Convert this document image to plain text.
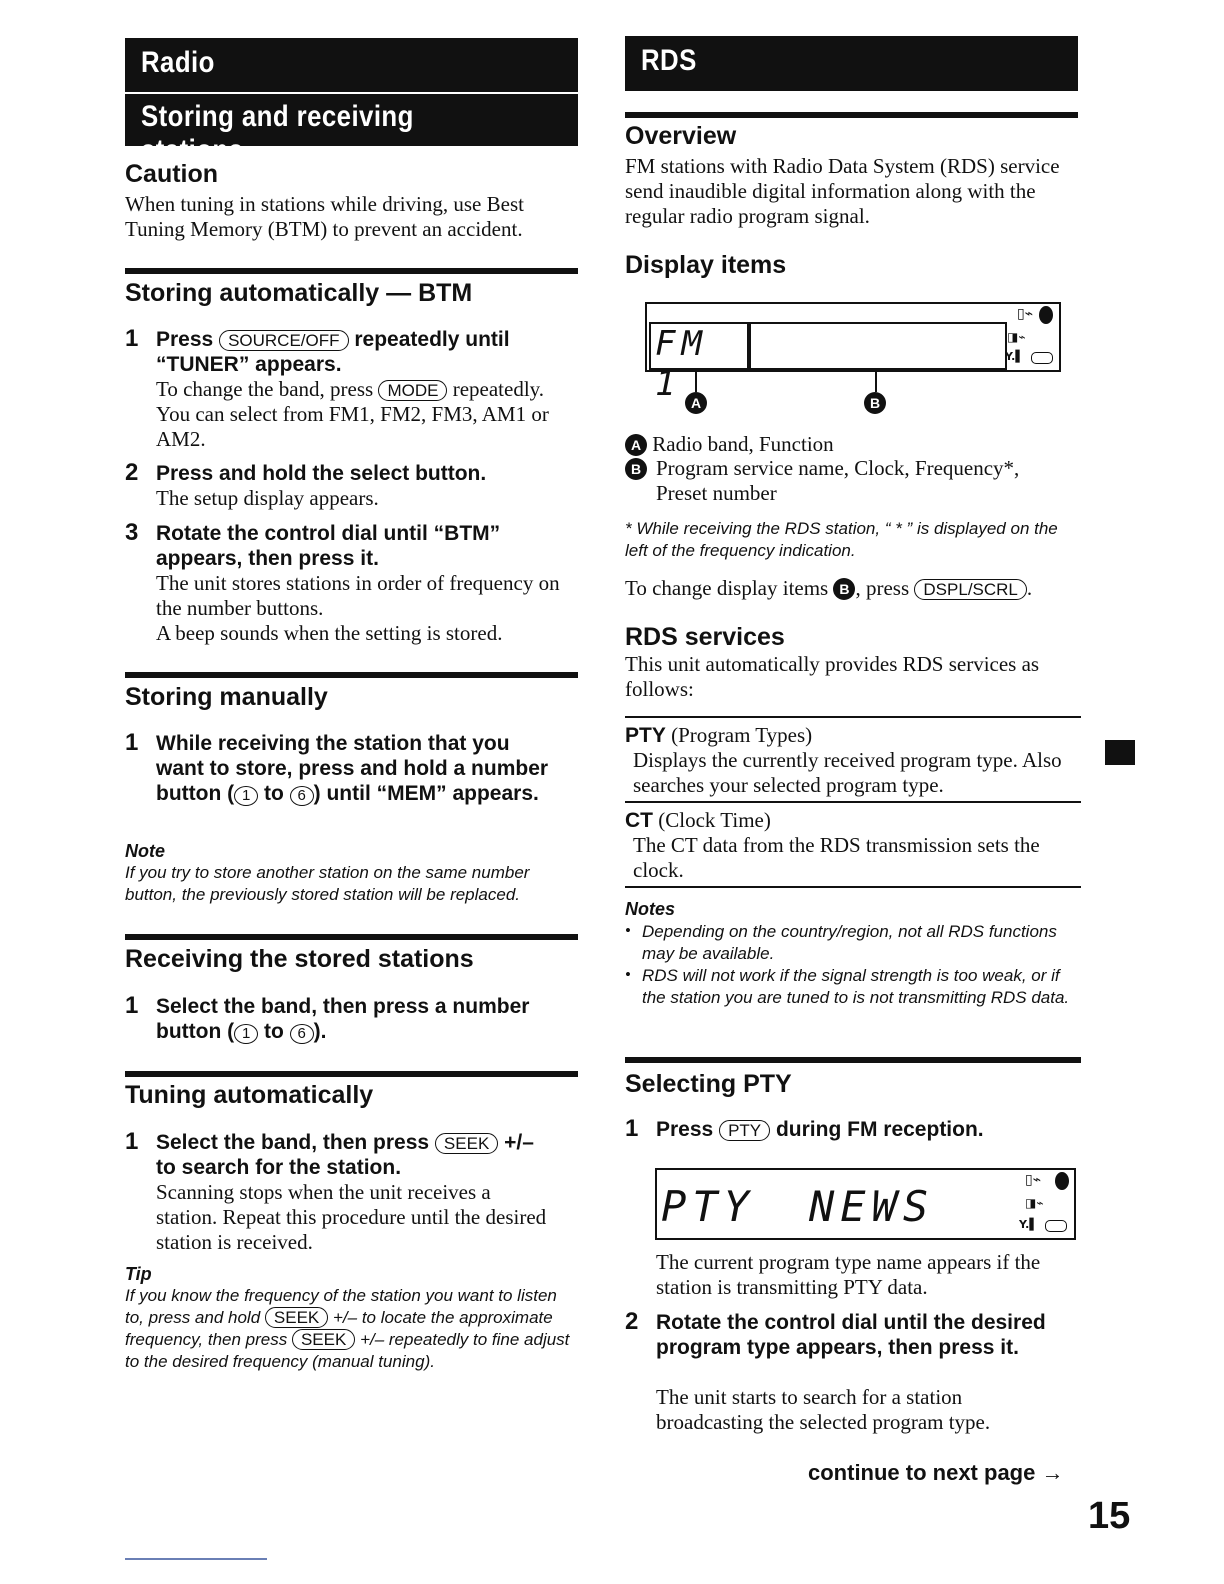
Radio
Storing and receiving stations
Caution
When tuning in stations while driving, use Best Tuning Memory (BTM) to prevent an accident.
Storing automatically — BTM
1 Press SOURCE/OFF repeatedly until
“TUNER” appears.
To change the band, press MODE repeatedly. You can select from FM1, FM2, FM3, AM1 or AM2.
2 Press and hold the select button.
The setup display appears.
3 Rotate the control dial until “BTM” appears, then press it.
The unit stores stations in order of frequency on the number buttons.
A beep sounds when the setting is stored.
Storing manually
1 While receiving the station that you want to store, press and hold a number button ( 1 to 6 ) until “MEM” appears.
Note
If you try to store another station on the same number button, the previously stored station will be replaced.
Receiving the stored stations
1 Select the band, then press a number button ( 1 to 6 ).
Tuning automatically
1 Select the band, then press SEEK +/–
to search for the station.
Scanning stops when the unit receives a station. Repeat this procedure until the desired station is received.
Tip
If you know the frequency of the station you want to listen to, press and hold SEEK +/– to locate the approximate frequency, then press SEEK +/– repeatedly to fine adjust to the desired frequency (manual tuning).
RDS
Overview
FM stations with Radio Data System (RDS) service send inaudible digital information along with the regular radio program signal.
Display items
FM 1
▯⌁
◨⌁
Y.▌
A	B
A Radio band, Function
B Program service name, Clock, Frequency*, Preset number
* While receiving the RDS station, “ * ” is displayed on the left of the frequency indication.
To change display items B , press DSPL/SCRL .
RDS services
This unit automatically provides RDS services as follows:
PTY (Program Types)
Displays the currently received program type. Also searches your selected program type.
CT (Clock Time)
The CT data from the RDS transmission sets the clock.
Notes
• Depending on the country/region, not all RDS functions may be available.
• RDS will not work if the signal strength is too weak, or if the station you are tuned to is not transmitting RDS data.
Selecting PTY
1 Press PTY during FM reception.
PTY NEWS
▯⌁
◨⌁
Y.▌
The current program type name appears if the station is transmitting PTY data.
2 Rotate the control dial until the desired program type appears, then press it.
The unit starts to search for a station broadcasting the selected program type.
continue to next page →
15
